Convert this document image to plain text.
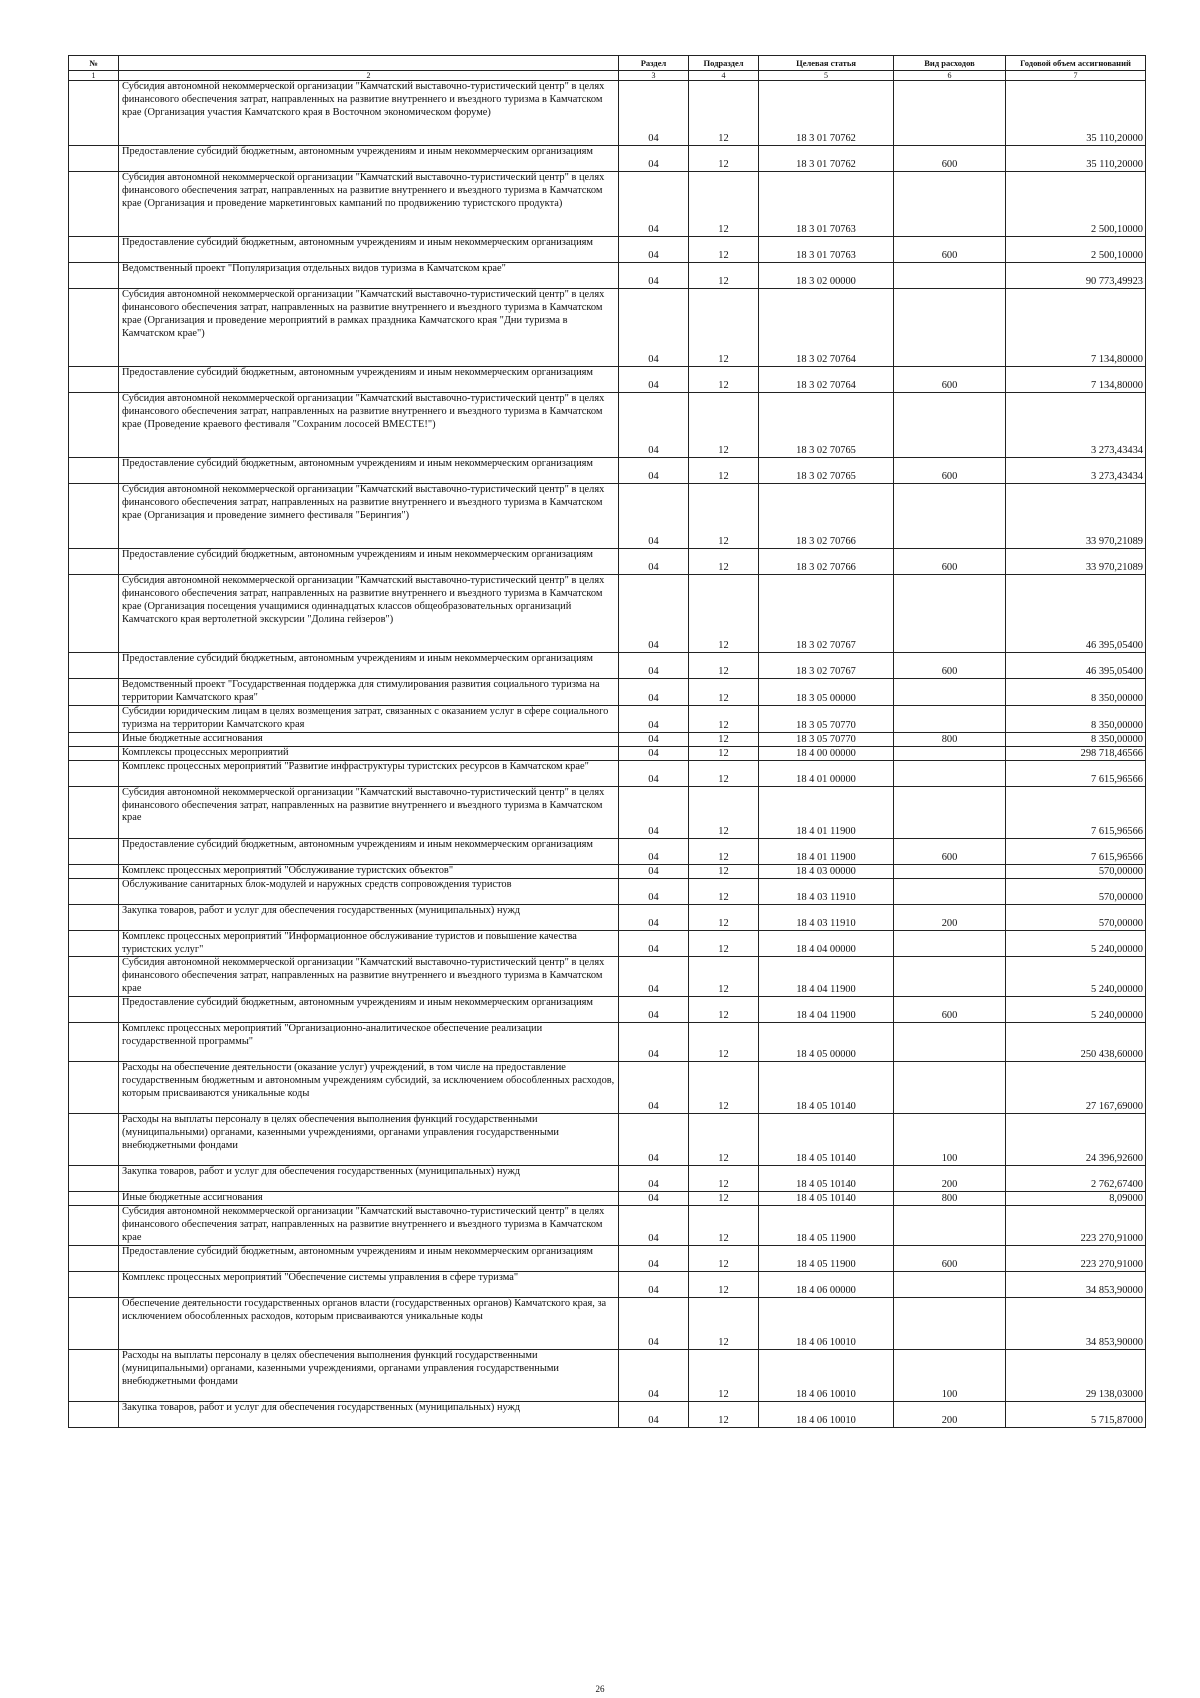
№		Раздел	Подраздел	Целевая статья	Вид расходов	Годовой объем ассигнований
1	2	3	4	5	6	7
	Субсидия автономной некоммерческой организации "Камчатский выставочно-туристический центр" в целях финансового обеспечения затрат, направленных на развитие внутреннего и въездного туризма в Камчатском крае (Организация участия Камчатского края в Восточном экономическом форуме)	04	12	18 3 01 70762		35 110,20000
	Предоставление субсидий бюджетным, автономным учреждениям и иным некоммерческим организациям	04	12	18 3 01 70762	600	35 110,20000
	Субсидия автономной некоммерческой организации "Камчатский выставочно-туристический центр" в целях финансового обеспечения затрат, направленных на развитие внутреннего и въездного туризма в Камчатском крае (Организация и проведение маркетинговых кампаний по продвижению туристского продукта)	04	12	18 3 01 70763		2 500,10000
	Предоставление субсидий бюджетным, автономным учреждениям и иным некоммерческим организациям	04	12	18 3 01 70763	600	2 500,10000
	Ведомственный проект "Популяризация отдельных видов туризма в Камчатском крае"	04	12	18 3 02 00000		90 773,49923
	Субсидия автономной некоммерческой организации "Камчатский выставочно-туристический центр" в целях финансового обеспечения затрат, направленных на развитие внутреннего и въездного туризма в Камчатском крае (Организация и проведение мероприятий в рамках праздника Камчатского края "Дни туризма в Камчатском крае")	04	12	18 3 02 70764		7 134,80000
	Предоставление субсидий бюджетным, автономным учреждениям и иным некоммерческим организациям	04	12	18 3 02 70764	600	7 134,80000
	Субсидия автономной некоммерческой организации "Камчатский выставочно-туристический центр" в целях финансового обеспечения затрат, направленных на развитие внутреннего и въездного туризма в Камчатском крае (Проведение краевого фестиваля "Сохраним лососей ВМЕСТЕ!")	04	12	18 3 02 70765		3 273,43434
	Предоставление субсидий бюджетным, автономным учреждениям и иным некоммерческим организациям	04	12	18 3 02 70765	600	3 273,43434
	Субсидия автономной некоммерческой организации "Камчатский выставочно-туристический центр" в целях финансового обеспечения затрат, направленных на развитие внутреннего и въездного туризма в Камчатском крае (Организация и проведение зимнего фестиваля "Берингия")	04	12	18 3 02 70766		33 970,21089
	Предоставление субсидий бюджетным, автономным учреждениям и иным некоммерческим организациям	04	12	18 3 02 70766	600	33 970,21089
	Субсидия автономной некоммерческой организации "Камчатский выставочно-туристический центр" в целях финансового обеспечения затрат, направленных на развитие внутреннего и въездного туризма в Камчатском крае (Организация посещения учащимися одиннадцатых классов общеобразовательных организаций Камчатского края вертолетной экскурсии "Долина гейзеров")	04	12	18 3 02 70767		46 395,05400
	Предоставление субсидий бюджетным, автономным учреждениям и иным некоммерческим организациям	04	12	18 3 02 70767	600	46 395,05400
	Ведомственный проект "Государственная поддержка для стимулирования развития социального туризма на территории Камчатского края"	04	12	18 3 05 00000		8 350,00000
	Субсидии юридическим лицам в целях возмещения затрат, связанных с оказанием услуг в сфере социального туризма на территории Камчатского края	04	12	18 3 05 70770		8 350,00000
	Иные бюджетные ассигнования	04	12	18 3 05 70770	800	8 350,00000
	Комплексы процессных мероприятий	04	12	18 4 00 00000		298 718,46566
	Комплекс процессных мероприятий "Развитие инфраструктуры туристских ресурсов в Камчатском крае"	04	12	18 4 01 00000		7 615,96566
	Субсидия автономной некоммерческой организации "Камчатский выставочно-туристический центр" в целях финансового обеспечения затрат, направленных на развитие внутреннего и въездного туризма в Камчатском крае	04	12	18 4 01 11900		7 615,96566
	Предоставление субсидий бюджетным, автономным учреждениям и иным некоммерческим организациям	04	12	18 4 01 11900	600	7 615,96566
	Комплекс процессных мероприятий "Обслуживание туристских объектов"	04	12	18 4 03 00000		570,00000
	Обслуживание санитарных блок-модулей и наружных средств сопровождения туристов	04	12	18 4 03 11910		570,00000
	Закупка товаров, работ и услуг для обеспечения государственных (муниципальных) нужд	04	12	18 4 03 11910	200	570,00000
	Комплекс процессных мероприятий "Информационное обслуживание туристов и повышение качества туристских услуг"	04	12	18 4 04 00000		5 240,00000
	Субсидия автономной некоммерческой организации "Камчатский выставочно-туристический центр" в целях финансового обеспечения затрат, направленных на развитие внутреннего и въездного туризма в Камчатском крае	04	12	18 4 04 11900		5 240,00000
	Предоставление субсидий бюджетным, автономным учреждениям и иным некоммерческим организациям	04	12	18 4 04 11900	600	5 240,00000
	Комплекс процессных мероприятий "Организационно-аналитическое обеспечение реализации государственной программы"	04	12	18 4 05 00000		250 438,60000
	Расходы на обеспечение деятельности (оказание услуг) учреждений, в том числе на предоставление государственным бюджетным и автономным учреждениям субсидий, за исключением обособленных расходов, которым присваиваются уникальные коды	04	12	18 4 05 10140		27 167,69000
	Расходы на выплаты персоналу в целях обеспечения выполнения функций государственными (муниципальными) органами, казенными учреждениями, органами управления государственными внебюджетными фондами	04	12	18 4 05 10140	100	24 396,92600
	Закупка товаров, работ и услуг для обеспечения государственных (муниципальных) нужд	04	12	18 4 05 10140	200	2 762,67400
	Иные бюджетные ассигнования	04	12	18 4 05 10140	800	8,09000
	Субсидия автономной некоммерческой организации "Камчатский выставочно-туристический центр" в целях финансового обеспечения затрат, направленных на развитие внутреннего и въездного туризма в Камчатском крае	04	12	18 4 05 11900		223 270,91000
	Предоставление субсидий бюджетным, автономным учреждениям и иным некоммерческим организациям	04	12	18 4 05 11900	600	223 270,91000
	Комплекс процессных мероприятий "Обеспечение системы управления в сфере туризма"	04	12	18 4 06 00000		34 853,90000
	Обеспечение деятельности государственных органов власти (государственных органов) Камчатского края, за исключением обособленных расходов, которым присваиваются уникальные коды	04	12	18 4 06 10010		34 853,90000
	Расходы на выплаты персоналу в целях обеспечения выполнения функций государственными (муниципальными) органами, казенными учреждениями, органами управления государственными внебюджетными фондами	04	12	18 4 06 10010	100	29 138,03000
	Закупка товаров, работ и услуг для обеспечения государственных (муниципальных) нужд	04	12	18 4 06 10010	200	5 715,87000
26
